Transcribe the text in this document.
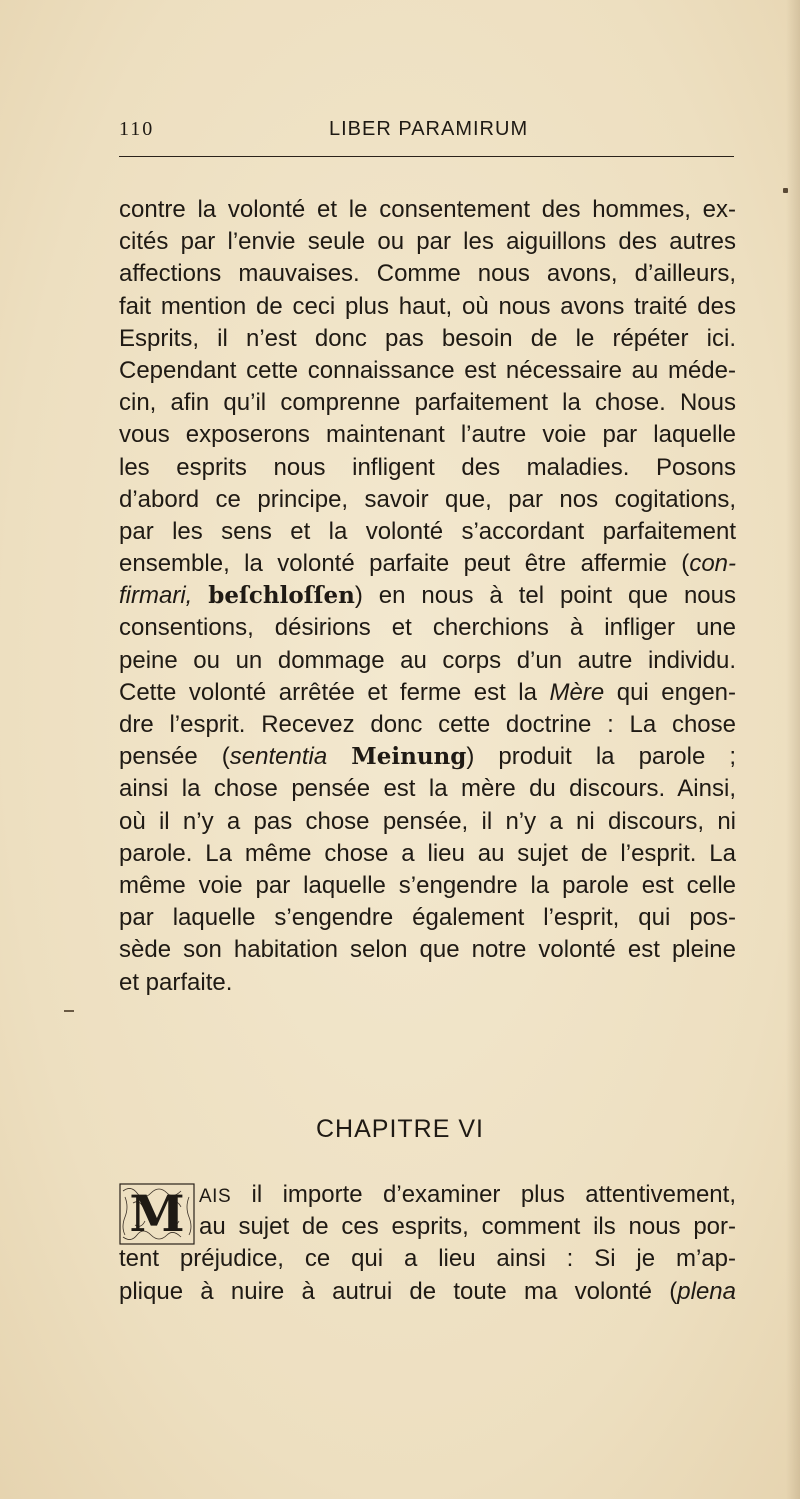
110	LIBER PARAMIRUM
contre la volonté et le consentement des hommes, ex-
cités par l’envie seule ou par les aiguillons des autres
affections mauvaises. Comme nous avons, d’ailleurs,
fait mention de ceci plus haut, où nous avons traité des
Esprits, il n’est donc pas besoin de le répéter ici.
Cependant cette connaissance est nécessaire au méde-
cin, afin qu’il comprenne parfaitement la chose. Nous
vous exposerons maintenant l’autre voie par laquelle
les esprits nous infligent des maladies. Posons
d’abord ce principe, savoir que, par nos cogitations,
par les sens et la volonté s’accordant parfaitement
ensemble, la volonté parfaite peut être affermie (con-
firmari, beſchloſſen) en nous à tel point que nous
consentions, désirions et cherchions à infliger une
peine ou un dommage au corps d’un autre individu.
Cette volonté arrêtée et ferme est la Mère qui engen-
dre l’esprit. Recevez donc cette doctrine : La chose
pensée (sententia Meinung) produit la parole ;
ainsi la chose pensée est la mère du discours. Ainsi,
où il n’y a pas chose pensée, il n’y a ni discours, ni
parole. La même chose a lieu au sujet de l’esprit. La
même voie par laquelle s’engendre la parole est celle
par laquelle s’engendre également l’esprit, qui pos-
sède son habitation selon que notre volonté est pleine
et parfaite.
CHAPITRE VI
M AIS il importe d’examiner plus attentivement,
au sujet de ces esprits, comment ils nous por-
tent préjudice, ce qui a lieu ainsi : Si je m’ap-
plique à nuire à autrui de toute ma volonté (plena
